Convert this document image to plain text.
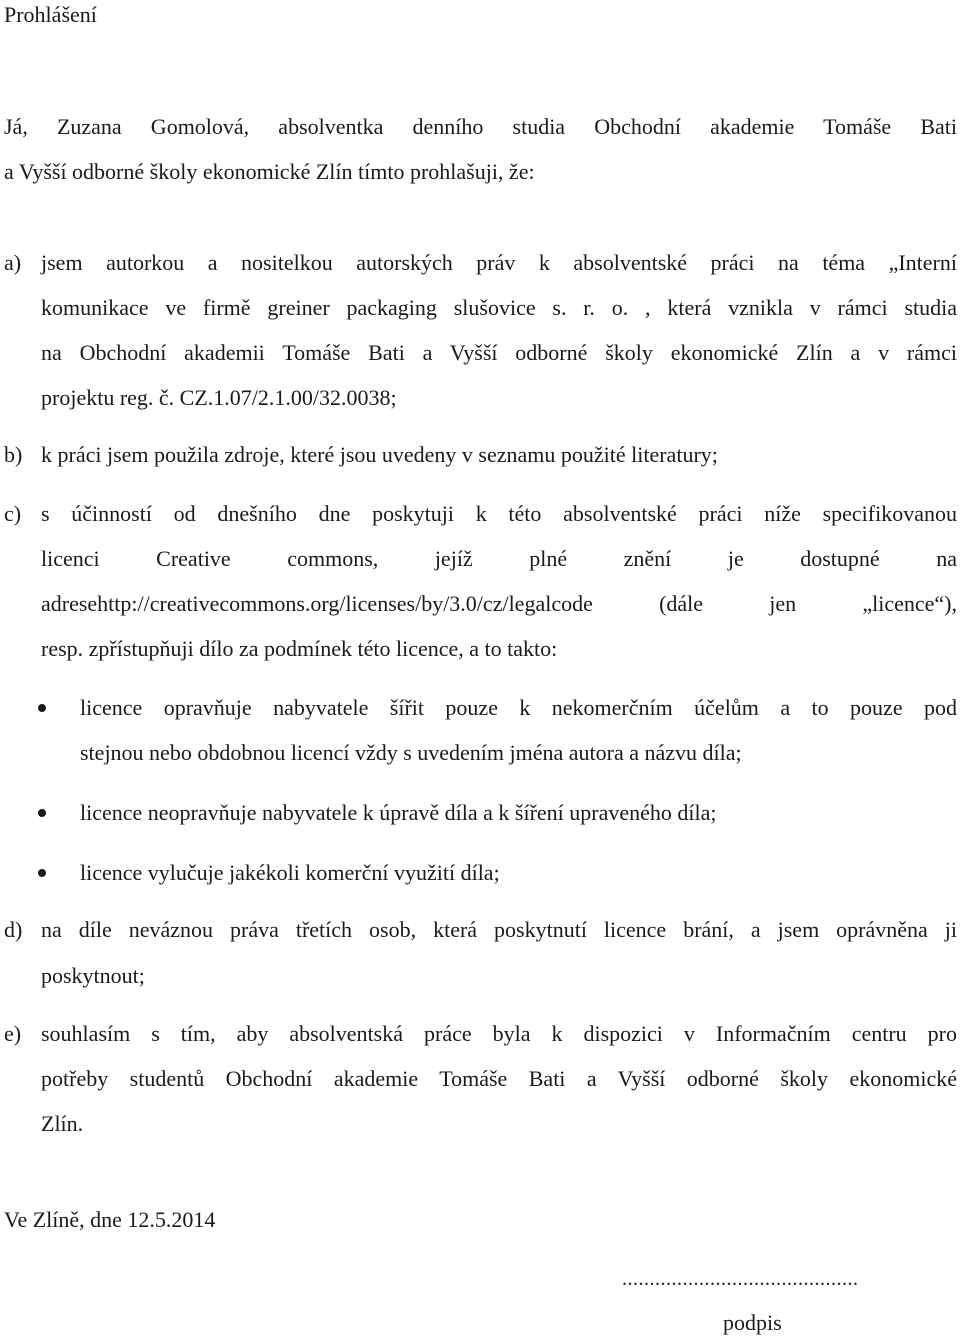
Prohlášení
Já, Zuzana Gomolová, absolventka denního studia Obchodní akademie Tomáše Bati
a Vyšší odborné školy ekonomické Zlín tímto prohlašuji, že:
a) jsem autorkou a nositelkou autorských práv k absolventské práci na téma „Interní
komunikace ve firmě greiner packaging slušovice s. r. o. , která vznikla v rámci studia
na Obchodní akademii Tomáše Bati a Vyšší odborné školy ekonomické Zlín a v rámci
projektu reg. č. CZ.1.07/2.1.00/32.0038;
b) k práci jsem použila zdroje, které jsou uvedeny v seznamu použité literatury;
c) s účinností od dnešního dne poskytuji k této absolventské práci níže specifikovanou
licenci Creative commons, jejíž plné znění je dostupné na
adresehttp://creativecommons.org/licenses/by/3.0/cz/legalcode (dále jen „licence“),
resp. zpřístupňuji dílo za podmínek této licence, a to takto:
licence opravňuje nabyvatele šířit pouze k nekomerčním účelům a to pouze pod
stejnou nebo obdobnou licencí vždy s uvedením jména autora a názvu díla;
licence neopravňuje nabyvatele k úpravě díla a k šíření upraveného díla;
licence vylučuje jakékoli komerční využití díla;
d) na díle neváznou práva třetích osob, která poskytnutí licence brání, a jsem oprávněna ji
poskytnout;
e) souhlasím s tím, aby absolventská práce byla k dispozici v Informačním centru pro
potřeby studentů Obchodní akademie Tomáše Bati a Vyšší odborné školy ekonomické
Zlín.
Ve Zlíně, dne 12.5.2014
...........................................
podpis
